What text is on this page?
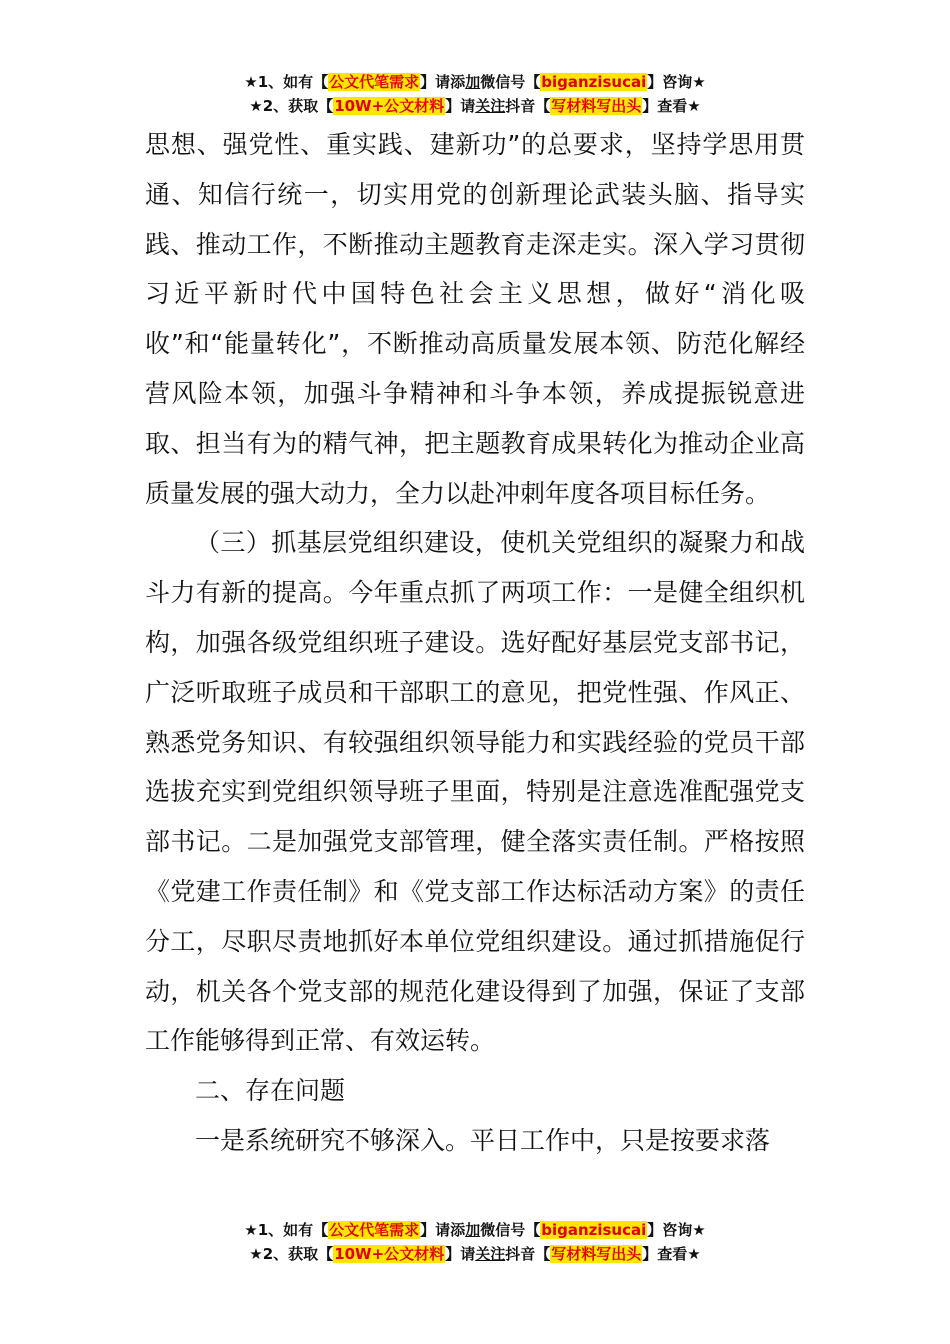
★1、如有【公文代笔需求】请添加微信号【biganzisucai】咨询★
★2、获取【10W+公文材料】请关注抖音【写材料写出头】查看★

思想、强党性、重实践、建新功”的总要求，坚持学思用贯通、知信行统一，切实用党的创新理论武装头脑、指导实践、推动工作，不断推动主题教育走深走实。深入学习贯彻习近平新时代中国特色社会主义思想，做好“消化吸收”和“能量转化”，不断推动高质量发展本领、防范化解经营风险本领，加强斗争精神和斗争本领，养成提振锐意进取、担当有为的精气神，把主题教育成果转化为推动企业高质量发展的强大动力，全力以赴冲刺年度各项目标任务。

（三）抓基层党组织建设，使机关党组织的凝聚力和战斗力有新的提高。今年重点抓了两项工作：一是健全组织机构，加强各级党组织班子建设。选好配好基层党支部书记，广泛听取班子成员和干部职工的意见，把党性强、作风正、熟悉党务知识、有较强组织领导能力和实践经验的党员干部选拔充实到党组织领导班子里面，特别是注意选准配强党支部书记。二是加强党支部管理，健全落实责任制。严格按照《党建工作责任制》和《党支部工作达标活动方案》的责任分工，尽职尽责地抓好本单位党组织建设。通过抓措施促行动，机关各个党支部的规范化建设得到了加强，保证了支部工作能够得到正常、有效运转。

二、存在问题

一是系统研究不够深入。平日工作中，只是按要求落

★1、如有【公文代笔需求】请添加微信号【biganzisucai】咨询★
★2、获取【10W+公文材料】请关注抖音【写材料写出头】查看★
